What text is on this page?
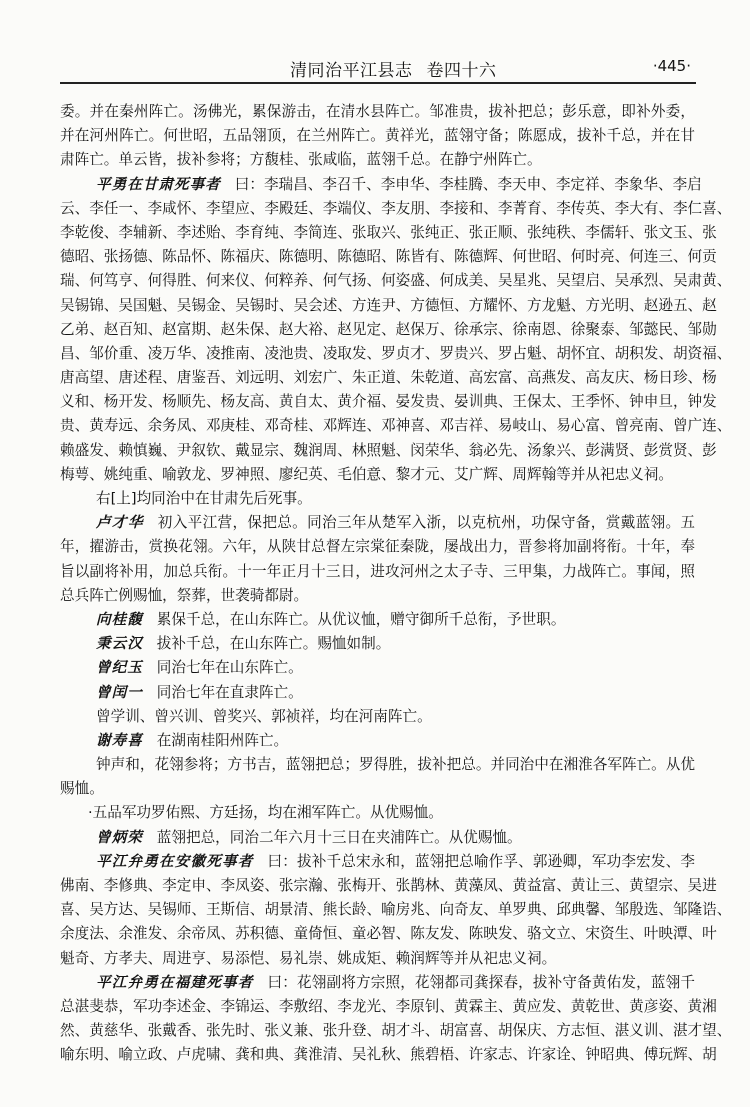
清同治平江县志 卷四十六	·445·
委。并在秦州阵亡。汤佛光，累保游击，在清水县阵亡。邹准贵，拔补把总；彭乐意，即补外委，
并在河州阵亡。何世昭，五品翎顶，在兰州阵亡。黄祥光，蓝翎守备；陈愿成，拔补千总，并在甘
肃阵亡。单云皆，拔补参将；方馥桂、张咸临，蓝翎千总。在静宁州阵亡。
平勇在甘肃死事者 曰：李瑞昌、李召千、李申华、李桂腾、李天申、李定祥、李象华、李启
云、李任一、李咸怀、李望应、李殿廷、李端仪、李友朋、李接和、李菁育、李传英、李大有、李仁喜、
李乾俊、李辅新、李述贻、李育纯、李简连、张取兴、张纯正、张正顺、张纯秩、李儒轩、张文玉、张
德昭、张扬德、陈品怀、陈福庆、陈德明、陈德昭、陈皆有、陈德辉、何世昭、何时亮、何连三、何贡
瑞、何笃亨、何得胜、何来仪、何粹养、何气扬、何姿盛、何成美、吴星兆、吴望启、吴承烈、吴肃黄、
吴锡锦、吴国魁、吴锡金、吴锡时、吴会述、方连尹、方德恒、方耀怀、方龙魁、方光明、赵逊五、赵
乙弟、赵百知、赵富期、赵朱保、赵大裕、赵见定、赵保万、徐承宗、徐南恩、徐聚泰、邹懿民、邹勋
昌、邹价重、凌万华、凌推南、凌池贵、凌取发、罗贞才、罗贵兴、罗占魁、胡怀宜、胡积发、胡资福、
唐高望、唐述程、唐鉴吾、刘远明、刘宏广、朱正道、朱乾道、高宏富、高燕发、高友庆、杨日珍、杨
义和、杨开发、杨顺先、杨友高、黄自太、黄介福、晏发贵、晏训典、王保太、王季怀、钟申旦，钟发
贵、黄寿远、余务凤、邓庚桂、邓奇桂、邓辉连、邓神喜、邓吉祥、易岐山、易心富、曾亮南、曾广连、
赖盛发、赖慎巍、尹叙钦、戴显宗、魏润周、林照魁、闵荣华、翁必先、汤象兴、彭满贤、彭赏贤、彭
梅萼、姚纯重、喻敦龙、罗神照、廖纪英、毛伯意、黎才元、艾广辉、周辉翰等并从祀忠义祠。
右[上]均同治中在甘肃先后死事。
卢才华 初入平江营，保把总。同治三年从楚军入浙，以克杭州，功保守备，赏戴蓝翎。五
年，擢游击，赏换花翎。六年，从陕甘总督左宗棠征秦陇，屡战出力，晋参将加副将衔。十年，奉
旨以副将补用，加总兵衔。十一年正月十三日，进攻河州之太子寺、三甲集，力战阵亡。事闻，照
总兵阵亡例赐恤，祭葬，世袭骑都尉。
向桂馥 累保千总，在山东阵亡。从优议恤，赠守御所千总衔，予世职。
秉云汉 拔补千总，在山东阵亡。赐恤如制。
曾纪玉 同治七年在山东阵亡。
曾闰一 同治七年在直隶阵亡。
曾学训、曾兴训、曾奖兴、郭祯祥，均在河南阵亡。
谢寿喜 在湖南桂阳州阵亡。
钟声和，花翎参将；方书吉，蓝翎把总；罗得胜，拔补把总。并同治中在湘淮各军阵亡。从优
赐恤。
·五品军功罗佑熙、方廷扬，均在湘军阵亡。从优赐恤。
曾炳荣 蓝翎把总，同治二年六月十三日在夹浦阵亡。从优赐恤。
平江弁勇在安徽死事者 曰：拔补千总宋永和，蓝翎把总喻作孚、郭逊卿，军功李宏发、李
佛南、李修典、李定申、李凤姿、张宗瀚、张梅开、张鹊林、黄藻凤、黄益富、黄让三、黄望宗、吴进
喜、吴方达、吴锡师、王斯信、胡景清、熊长龄、喻房兆、向奇友、单罗典、邱典馨、邹殷选、邹隆诰、
余度法、余淮发、余帝凤、苏积德、童倚恒、童必智、陈友发、陈映发、骆文立、宋资生、叶映潭、叶
魁奇、方孝夫、周进亨、易添恺、易礼崇、姚成矩、赖润辉等并从祀忠义祠。
平江弁勇在福建死事者 曰：花翎副将方宗照，花翎都司龚探春，拔补守备黄佑发，蓝翎千
总湛斐恭，军功李述金、李锦运、李敷绍、李龙光、李原钊、黄霖主、黄应发、黄乾世、黄彦姿、黄湘
然、黄慈华、张戴香、张先时、张义兼、张升登、胡才斗、胡富喜、胡保庆、方志恒、湛义训、湛才望、
喻东明、喻立政、卢虎啸、龚和典、龚淮清、吴礼秋、熊碧梧、许家志、许家诠、钟昭典、傅玩辉、胡
